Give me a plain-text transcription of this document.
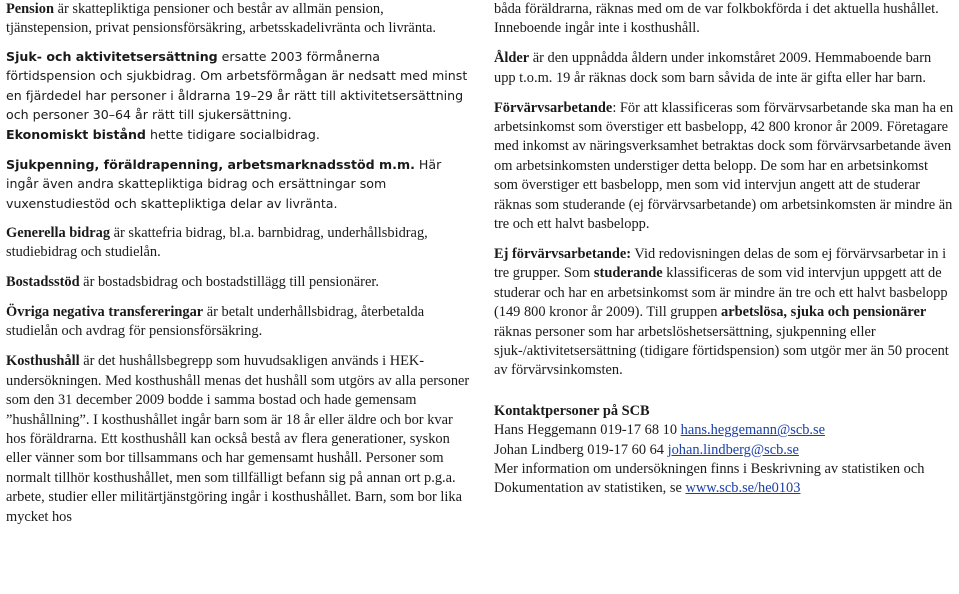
Pension är skattepliktiga pensioner och består av allmän pension, tjänstepension, privat pensionsförsäkring, arbetsskadelivränta och livränta.

Sjuk- och aktivitetsersättning ersatte 2003 förmånerna förtidspension och sjukbidrag. Om arbetsförmågan är nedsatt med minst en fjärdedel har personer i åldrarna 19–29 år rätt till aktivitetsersättning och personer 30–64 år rätt till sjukersättning.

Ekonomiskt bistånd hette tidigare socialbidrag.

Sjukpenning, föräldrapenning, arbetsmarknadsstöd m.m. Här ingår även andra skattepliktiga bidrag och ersättningar som vuxenstudiestöd och skattepliktiga delar av livränta.

Generella bidrag är skattefria bidrag, bl.a. barnbidrag, underhållsbidrag, studiebidrag och studielån.

Bostadsstöd är bostadsbidrag och bostadstillägg till pensionärer.

Övriga negativa transfereringar är betalt underhållsbidrag, återbetalda studielån och avdrag för pensionsförsäkring.

Kosthushåll är det hushållsbegrepp som huvudsakligen används i HEK-undersökningen. Med kosthushåll menas det hushåll som utgörs av alla personer som den 31 december 2009 bodde i samma bostad och hade gemensam ”hushållning”. I kosthushållet ingår barn som är 18 år eller äldre och bor kvar hos föräldrarna. Ett kosthushåll kan också bestå av flera generationer, syskon eller vänner som bor tillsammans och har gemensamt hushåll. Personer som normalt tillhör kosthushållet, men som tillfälligt befann sig på annan ort p.g.a. arbete, studier eller militärtjänstgöring ingår i kosthushållet. Barn, som bor lika mycket hos

båda föräldrarna, räknas med om de var folkbokförda i det aktuella hushållet. Inneboende ingår inte i kosthushåll.

Ålder är den uppnådda åldern under inkomståret 2009. Hemmaboende barn upp t.o.m. 19 år räknas dock som barn såvida de inte är gifta eller har barn.

Förvärvsarbetande: För att klassificeras som förvärvsarbetande ska man ha en arbetsinkomst som överstiger ett basbelopp, 42 800 kronor år 2009. Företagare med inkomst av näringsverksamhet betraktas dock som förvärvsarbetande även om arbetsinkomsten understiger detta belopp. De som har en arbetsinkomst som överstiger ett basbelopp, men som vid intervjun angett att de studerar räknas som studerande (ej förvärvsarbetande) om arbetsinkomsten är mindre än tre och ett halvt basbelopp.

Ej förvärvsarbetande: Vid redovisningen delas de som ej förvärvsarbetar in i tre grupper. Som studerande klassificeras de som vid intervjun uppgett att de studerar och har en arbetsinkomst som är mindre än tre och ett halvt basbelopp (149 800 kronor år 2009). Till gruppen arbetslösa, sjuka och pensionärer räknas personer som har arbetslöshetsersättning, sjukpenning eller sjuk-/aktivitetsersättning (tidigare förtidspension) som utgör mer än 50 procent av förvärvsinkomsten.

Kontaktpersoner på SCB
Hans Heggemann 019-17 68 10 hans.heggemann@scb.se
Johan Lindberg 019-17 60 64 johan.lindberg@scb.se
Mer information om undersökningen finns i Beskrivning av statistiken och Dokumentation av statistiken, se www.scb.se/he0103
